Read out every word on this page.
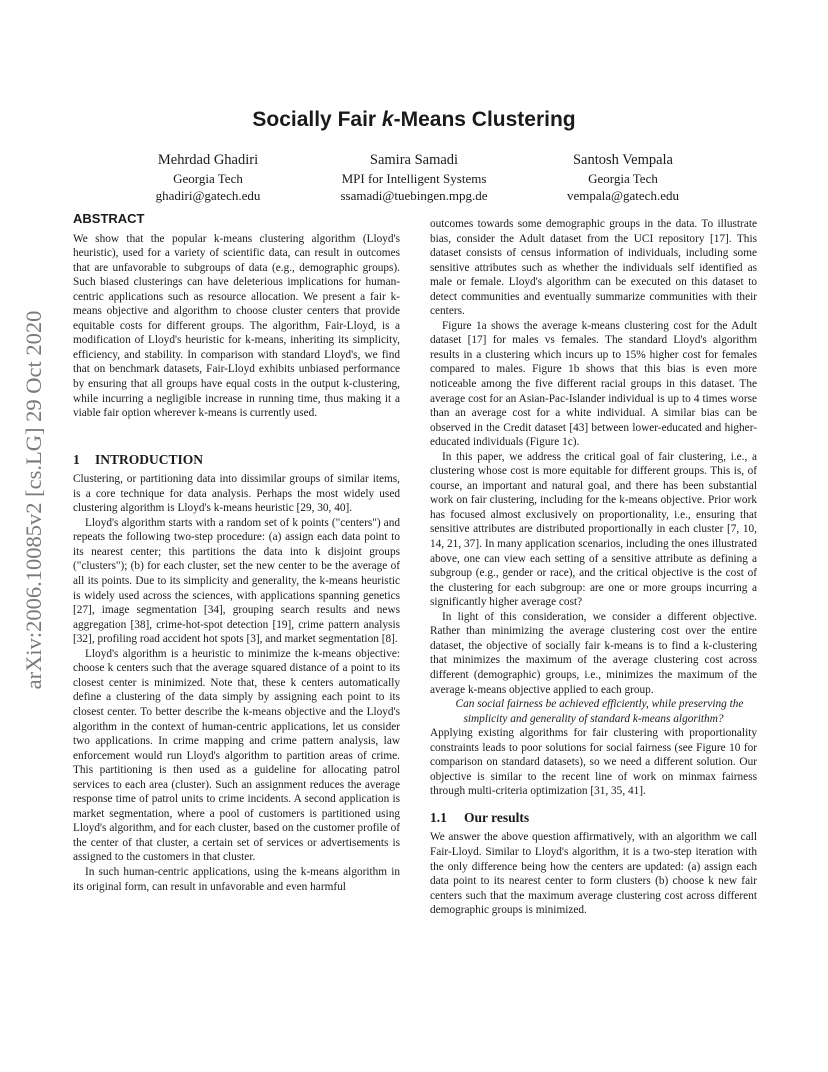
arXiv:2006.10085v2 [cs.LG] 29 Oct 2020
Socially Fair k-Means Clustering
Mehrdad Ghadiri
Georgia Tech
ghadiri@gatech.edu
Samira Samadi
MPI for Intelligent Systems
ssamadi@tuebingen.mpg.de
Santosh Vempala
Georgia Tech
vempala@gatech.edu
ABSTRACT

We show that the popular k-means clustering algorithm (Lloyd's heuristic), used for a variety of scientific data, can result in outcomes that are unfavorable to subgroups of data (e.g., demographic groups). Such biased clusterings can have deleterious implications for human-centric applications such as resource allocation. We present a fair k-means objective and algorithm to choose cluster centers that provide equitable costs for different groups. The algorithm, Fair-Lloyd, is a modification of Lloyd's heuristic for k-means, inheriting its simplicity, efficiency, and stability. In comparison with standard Lloyd's, we find that on benchmark datasets, Fair-Lloyd exhibits unbiased performance by ensuring that all groups have equal costs in the output k-clustering, while incurring a negligible increase in running time, thus making it a viable fair option wherever k-means is currently used.

1 INTRODUCTION

Clustering, or partitioning data into dissimilar groups of similar items, is a core technique for data analysis. Perhaps the most widely used clustering algorithm is Lloyd's k-means heuristic [29, 30, 40].

Lloyd's algorithm starts with a random set of k points ("centers") and repeats the following two-step procedure: (a) assign each data point to its nearest center; this partitions the data into k disjoint groups ("clusters"); (b) for each cluster, set the new center to be the average of all its points. Due to its simplicity and generality, the k-means heuristic is widely used across the sciences, with applications spanning genetics [27], image segmentation [34], grouping search results and news aggregation [38], crime-hot-spot detection [19], crime pattern analysis [32], profiling road accident hot spots [3], and market segmentation [8].

Lloyd's algorithm is a heuristic to minimize the k-means objective: choose k centers such that the average squared distance of a point to its closest center is minimized. Note that, these k centers automatically define a clustering of the data simply by assigning each point to its closest center. To better describe the k-means objective and the Lloyd's algorithm in the context of human-centric applications, let us consider two applications. In crime mapping and crime pattern analysis, law enforcement would run Lloyd's algorithm to partition areas of crime. This partitioning is then used as a guideline for allocating patrol services to each area (cluster). Such an assignment reduces the average response time of patrol units to crime incidents. A second application is market segmentation, where a pool of customers is partitioned using Lloyd's algorithm, and for each cluster, based on the customer profile of the center of that cluster, a certain set of services or advertisements is assigned to the customers in that cluster.

In such human-centric applications, using the k-means algorithm in its original form, can result in unfavorable and even harmful

outcomes towards some demographic groups in the data. To illustrate bias, consider the Adult dataset from the UCI repository [17]. This dataset consists of census information of individuals, including some sensitive attributes such as whether the individuals self identified as male or female. Lloyd's algorithm can be executed on this dataset to detect communities and eventually summarize communities with their centers.

Figure 1a shows the average k-means clustering cost for the Adult dataset [17] for males vs females. The standard Lloyd's algorithm results in a clustering which incurs up to 15% higher cost for females compared to males. Figure 1b shows that this bias is even more noticeable among the five different racial groups in this dataset. The average cost for an Asian-Pac-Islander individual is up to 4 times worse than an average cost for a white individual. A similar bias can be observed in the Credit dataset [43] between lower-educated and higher-educated individuals (Figure 1c).

In this paper, we address the critical goal of fair clustering, i.e., a clustering whose cost is more equitable for different groups. This is, of course, an important and natural goal, and there has been substantial work on fair clustering, including for the k-means objective. Prior work has focused almost exclusively on proportionality, i.e., ensuring that sensitive attributes are distributed proportionally in each cluster [7, 10, 14, 21, 37]. In many application scenarios, including the ones illustrated above, one can view each setting of a sensitive attribute as defining a subgroup (e.g., gender or race), and the critical objective is the cost of the clustering for each subgroup: are one or more groups incurring a significantly higher average cost?

In light of this consideration, we consider a different objective. Rather than minimizing the average clustering cost over the entire dataset, the objective of socially fair k-means is to find a k-clustering that minimizes the maximum of the average clustering cost across different (demographic) groups, i.e., minimizes the maximum of the average k-means objective applied to each group.

Can social fairness be achieved efficiently, while preserving the simplicity and generality of standard k-means algorithm?

Applying existing algorithms for fair clustering with proportionality constraints leads to poor solutions for social fairness (see Figure 10 for comparison on standard datasets), so we need a different solution. Our objective is similar to the recent line of work on minmax fairness through multi-criteria optimization [31, 35, 41].

1.1 Our results

We answer the above question affirmatively, with an algorithm we call Fair-Lloyd. Similar to Lloyd's algorithm, it is a two-step iteration with the only difference being how the centers are updated: (a) assign each data point to its nearest center to form clusters (b) choose k new fair centers such that the maximum average clustering cost across different demographic groups is minimized.
